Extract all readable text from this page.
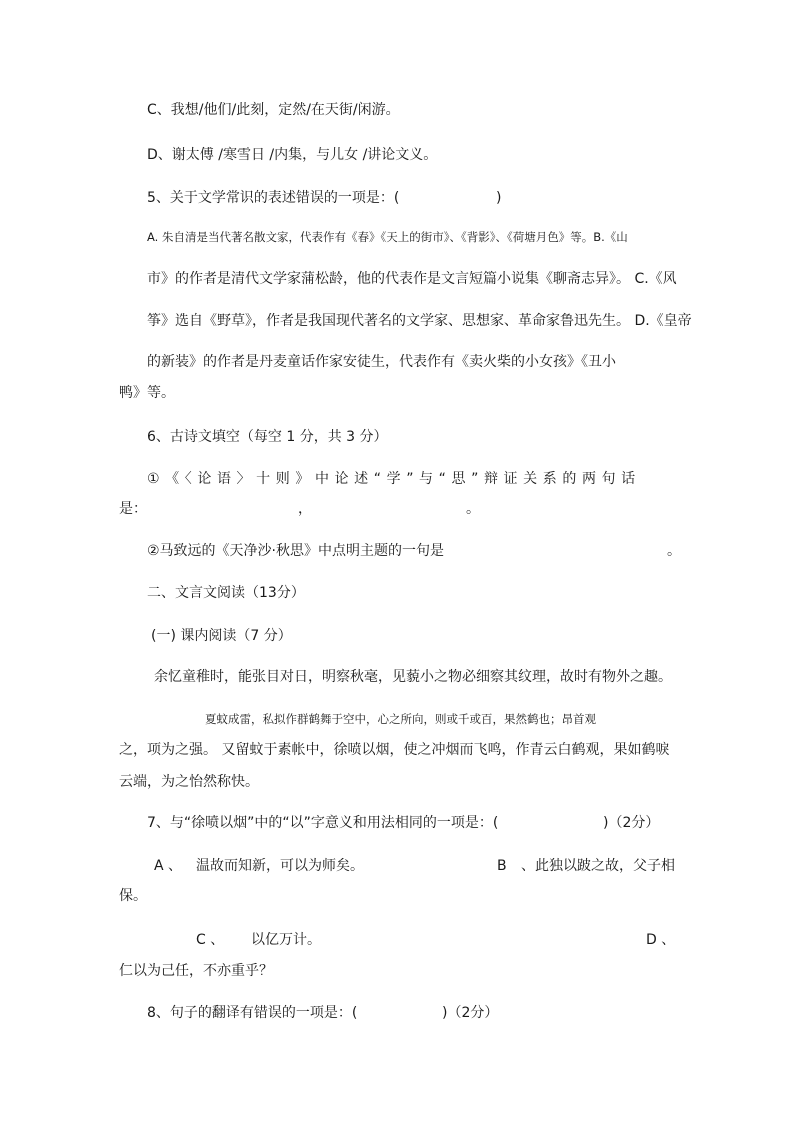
C、我想/他们/此刻，定然/在天街/闲游。
D、谢太傅 /寒雪日 /内集，与儿女 /讲论文义。
5、关于文学常识的表述错误的一项是：(	)
A. 朱自清是当代著名散文家，代表作有《春》《天上的街市》、《背影》、《荷塘月色》等。B.《山
市》的作者是清代文学家蒲松龄，他的代表作是文言短篇小说集《聊斋志异》。 C.《风
筝》选自《野草》，作者是我国现代著名的文学家、思想家、革命家鲁迅先生。 D.《皇帝
的新装》的作者是丹麦童话作家安徒生，代表作有《卖火柴的小女孩》《丑小
鸭》等。
6、古诗文填空（每空 1 分，共 3 分）
①《〈论语〉十则》中论述“学”与“思”辩证关系的两句话
是：	，	。
②马致远的《天净沙·秋思》中点明主题的一句是	。
二、文言文阅读（13分）
(一) 课内阅读（7 分）
余忆童稚时，能张目对日，明察秋毫，见藐小之物必细察其纹理，故时有物外之趣。
夏蚊成雷，私拟作群鹤舞于空中，心之所向，则或千或百，果然鹤也；昂首观
之，项为之强。 又留蚊于素帐中，徐喷以烟，使之冲烟而飞鸣，作青云白鹤观，果如鹤唳
云端，为之怡然称快。
7、与“徐喷以烟”中的“以”字意义和用法相同的一项是：(	)（2分）
A 、 温故而知新，可以为师矣。	B 、此独以跛之故，父子相
保。
C 、 以亿万计。	D 、
仁以为己任，不亦重乎？
8、句子的翻译有错误的一项是：(	)（2分）
